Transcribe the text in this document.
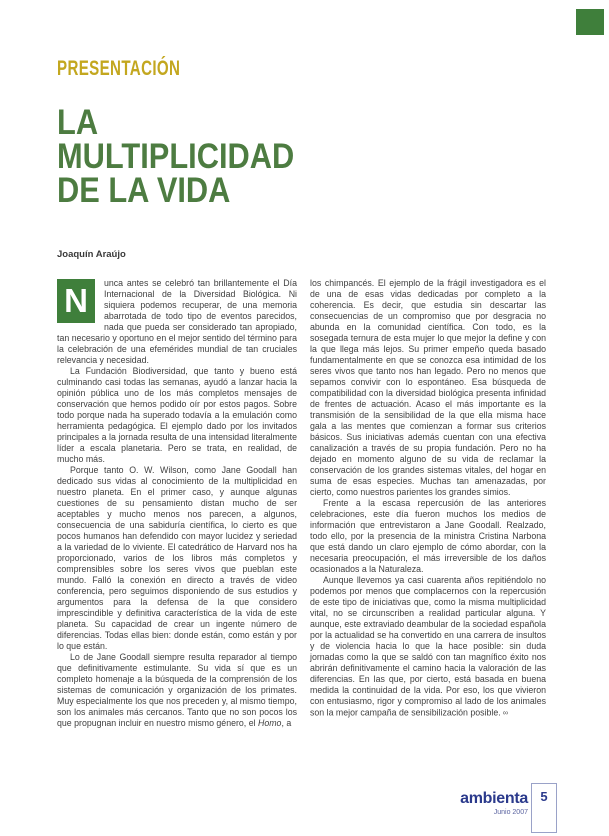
PRESENTACIÓN
LA
MULTIPLICIDAD
DE LA VIDA
Joaquín Araújo

N	unca antes se celebró tan brillantemente el Día Internacional de la Diversidad Biológica. Ni siquiera podemos recuperar, de una memoria abarrotada de todo tipo de eventos parecidos, nada que pueda ser considerado tan apropiado, tan necesario y oportuno en el mejor sentido del término para la celebración de una efemérides mundial de tan cruciales relevancia y necesidad.

La Fundación Biodiversidad, que tanto y bueno está culminando casi todas las semanas, ayudó a lanzar hacia la opinión pública uno de los más completos mensajes de conservación que hemos podido oír por estos pagos. Sobre todo porque nada ha superado todavía a la emulación como herramienta pedagógica. El ejemplo dado por los invitados principales a la jornada resulta de una intensidad literalmente líder a escala planetaria. Pero se trata, en realidad, de mucho más.

Porque tanto O. W. Wilson, como Jane Goodall han dedicado sus vidas al conocimiento de la multiplicidad en nuestro planeta. En el primer caso, y aunque algunas cuestiones de su pensamiento distan mucho de ser aceptables y mucho menos nos parecen, a algunos, consecuencia de una sabiduría científica, lo cierto es que pocos humanos han defendido con mayor lucidez y seriedad a la variedad de lo viviente. El catedrático de Harvard nos ha proporcionado, varios de los libros más completos y comprensibles sobre los seres vivos que pueblan este mundo. Falló la conexión en directo a través de video conferencia, pero seguimos disponiendo de sus estudios y argumentos para la defensa de la que considero imprescindible y definitiva característica de la vida de este planeta. Su capacidad de crear un ingente número de diferencias. Todas ellas bien: donde están, como están y por lo que están.

Lo de Jane Goodall siempre resulta reparador al tiempo que definitivamente estimulante. Su vida sí que es un completo homenaje a la búsqueda de la comprensión de los sistemas de comunicación y organización de los primates. Muy especialmente los que nos preceden y, al mismo tiempo, son los animales más cercanos. Tanto que no son pocos los que propugnan incluir en nuestro mismo género, el Homo, a

los chimpancés. El ejemplo de la frágil investigadora es el de una de esas vidas dedicadas por completo a la coherencia. Es decir, que estudia sin descartar las consecuencias de un compromiso que por desgracia no abunda en la comunidad científica. Con todo, es la sosegada ternura de esta mujer lo que mejor la define y con la que llega más lejos. Su primer empeño queda basado fundamentalmente en que se conozca esa intimidad de los seres vivos que tanto nos han legado. Pero no menos que sepamos convivir con lo espontáneo. Esa búsqueda de compatibilidad con la diversidad biológica presenta infinidad de frentes de actuación. Acaso el más importante es la transmisión de la sensibilidad de la que ella misma hace gala a las mentes que comienzan a formar sus criterios básicos. Sus iniciativas además cuentan con una efectiva canalización a través de su propia fundación. Pero no ha dejado en momento alguno de su vida de reclamar la conservación de los grandes sistemas vitales, del hogar en suma de esas especies. Muchas tan amenazadas, por cierto, como nuestros parientes los grandes simios.

Frente a la escasa repercusión de las anteriores celebraciones, este día fueron muchos los medios de información que entrevistaron a Jane Goodall. Realzado, todo ello, por la presencia de la ministra Cristina Narbona que está dando un claro ejemplo de cómo abordar, con la necesaria preocupación, el más irreversible de los daños ocasionados a la Naturaleza.

Aunque llevemos ya casi cuarenta años repitiéndolo no podemos por menos que complacernos con la repercusión de este tipo de iniciativas que, como la misma multiplicidad vital, no se circunscriben a realidad particular alguna. Y aunque, este extraviado deambular de la sociedad española por la actualidad se ha convertido en una carrera de insultos y de violencia hacia lo que la hace posible: sin duda jornadas como la que se saldó con tan magnífico éxito nos abrirán definitivamente el camino hacia la valoración de las diferencias. En las que, por cierto, está basada en buena medida la continuidad de la vida. Por eso, los que vivieron con entusiasmo, rigor y compromiso al lado de los animales son la mejor campaña de sensibilización posible. ∞

ambienta
Junio 2007
5
